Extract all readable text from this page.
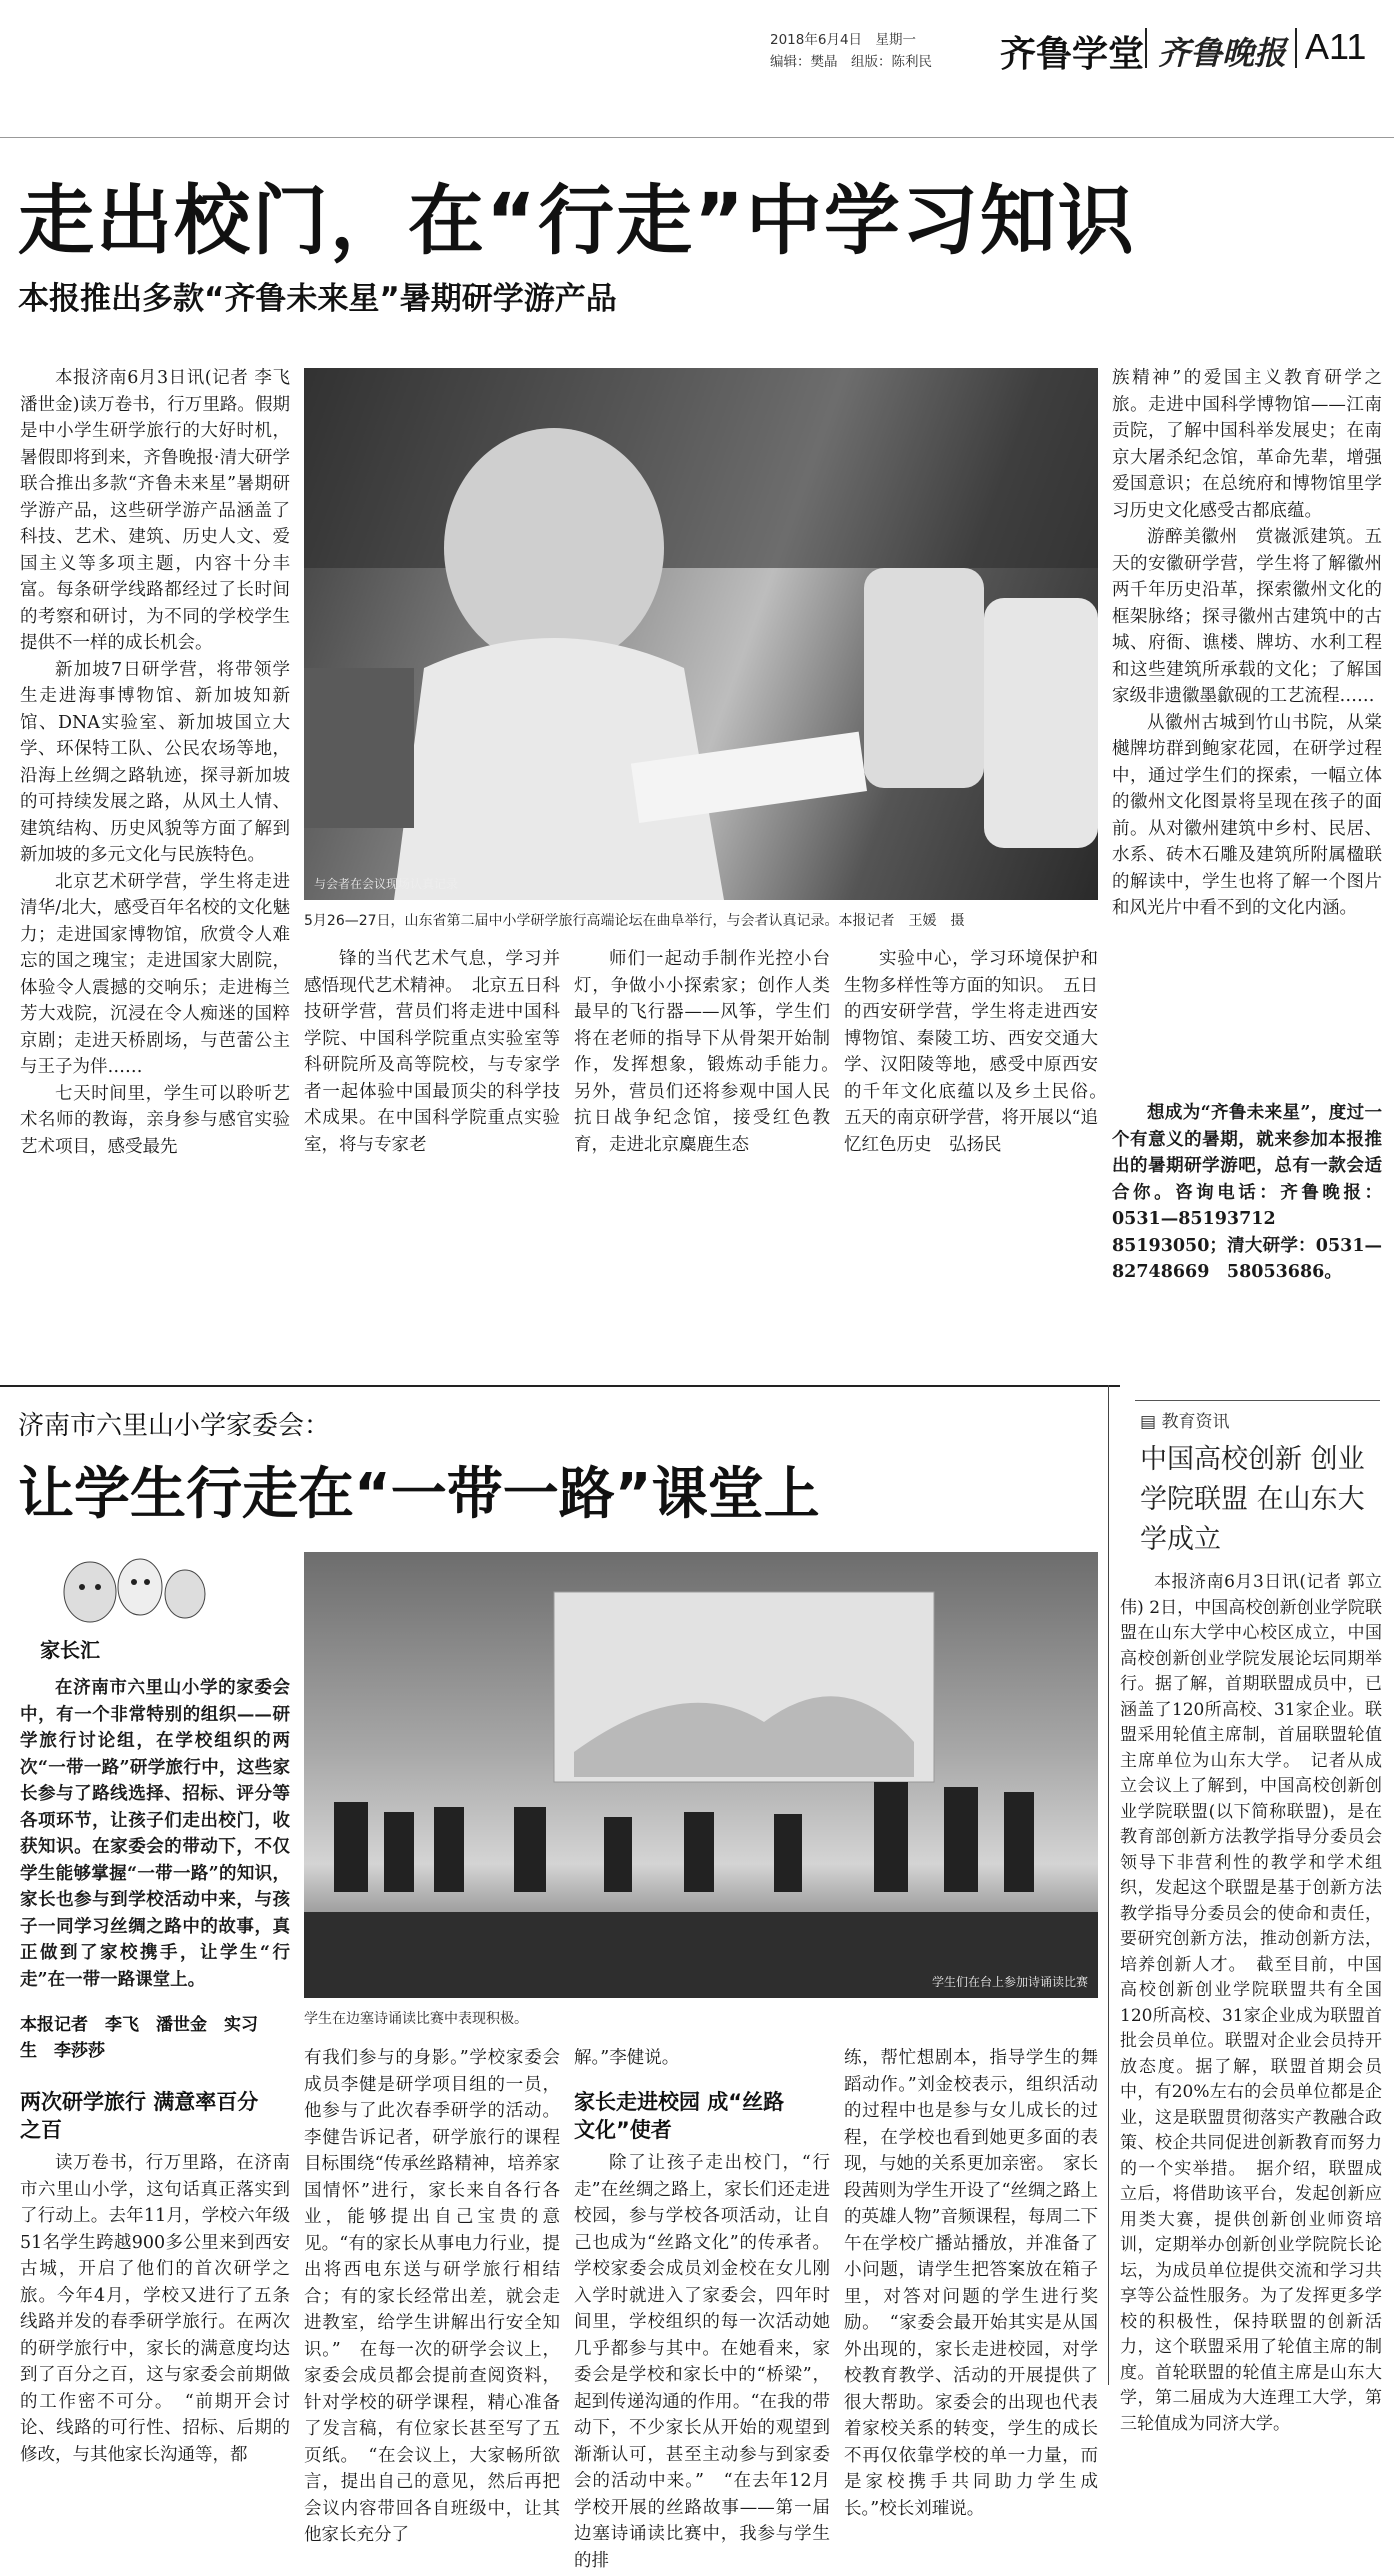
2018年6月4日　星期一
编辑：樊晶　组版：陈利民 齐鲁学堂 齐鲁晚报 A11
走出校门，在“行走”中学习知识
本报推出多款“齐鲁未来星”暑期研学游产品

本报济南6月3日讯(记者 李飞 潘世金)读万卷书，行万里路。假期是中小学生研学旅行的大好时机，暑假即将到来，齐鲁晚报·清大研学联合推出多款“齐鲁未来星”暑期研学游产品，这些研学游产品涵盖了科技、艺术、建筑、历史人文、爱国主义等多项主题，内容十分丰富。每条研学线路都经过了长时间的考察和研讨，为不同的学校学生提供不一样的成长机会。

新加坡7日研学营，将带领学生走进海事博物馆、新加坡知新馆、DNA实验室、新加坡国立大学、环保特工队、公民农场等地，沿海上丝绸之路轨迹，探寻新加坡的可持续发展之路，从风土人情、建筑结构、历史风貌等方面了解到新加坡的多元文化与民族特色。

北京艺术研学营，学生将走进清华/北大，感受百年名校的文化魅力；走进国家博物馆，欣赏令人难忘的国之瑰宝；走进国家大剧院，体验令人震撼的交响乐；走进梅兰芳大戏院，沉浸在令人痴迷的国粹京剧；走进天桥剧场，与芭蕾公主与王子为伴……

七天时间里，学生可以聆听艺术名师的教诲，亲身参与感官实验艺术项目，感受最先

与会者在会议现场认真记录
5月26—27日，山东省第二届中小学研学旅行高端论坛在曲阜举行，与会者认真记录。本报记者　王媛　摄

锋的当代艺术气息，学习并感悟现代艺术精神。　北京五日科技研学营，营员们将走进中国科学院、中国科学院重点实验室等科研院所及高等院校，与专家学者一起体验中国最顶尖的科学技术成果。在中国科学院重点实验室，将与专家老

师们一起动手制作光控小台灯，争做小小探索家；创作人类最早的飞行器——风筝，学生们将在老师的指导下从骨架开始制作，发挥想象，锻炼动手能力。　另外，营员们还将参观中国人民抗日战争纪念馆，接受红色教育，走进北京麋鹿生态

实验中心，学习环境保护和生物多样性等方面的知识。　五日的西安研学营，学生将走进西安博物馆、秦陵工坊、西安交通大学、汉阳陵等地，感受中原西安的千年文化底蕴以及乡土民俗。　五天的南京研学营，将开展以“追忆红色历史　弘扬民

族精神”的爱国主义教育研学之旅。走进中国科学博物馆——江南贡院，了解中国科举发展史；在南京大屠杀纪念馆，革命先辈，增强爱国意识；在总统府和博物馆里学习历史文化感受古都底蕴。

游醉美徽州　赏嶶派建筑。五天的安徽研学营，学生将了解徽州两千年历史沿革，探索徽州文化的框架脉络；探寻徽州古建筑中的古城、府衙、谯楼、牌坊、水利工程和这些建筑所承载的文化；了解国家级非遗徽墨歙砚的工艺流程……

从徽州古城到竹山书院，从棠樾牌坊群到鲍家花园，在研学过程中，通过学生们的探索，一幅立体的徽州文化图景将呈现在孩子的面前。从对徽州建筑中乡村、民居、水系、砖木石雕及建筑所附属楹联的解读中，学生也将了解一个图片和风光片中看不到的文化内涵。

想成为“齐鲁未来星”，度过一个有意义的暑期，就来参加本报推出的暑期研学游吧，总有一款会适合你。咨询电话：齐鲁晚报：0531—85193712　85193050；清大研学：0531—82748669　58053686。

济南市六里山小学家委会：
让学生行走在“一带一路”课堂上
家长汇

在济南市六里山小学的家委会中，有一个非常特别的组织——研学旅行讨论组，在学校组织的两次“一带一路”研学旅行中，这些家长参与了路线选择、招标、评分等各项环节，让孩子们走出校门，收获知识。在家委会的带动下，不仅学生能够掌握“一带一路”的知识，家长也参与到学校活动中来，与孩子一同学习丝绸之路中的故事，真正做到了家校携手，让学生“行走”在一带一路课堂上。

本报记者　李飞　潘世金　实习生　李莎莎
两次研学旅行 满意率百分之百

读万卷书，行万里路，在济南市六里山小学，这句话真正落实到了行动上。去年11月，学校六年级51名学生跨越900多公里来到西安古城，开启了他们的首次研学之旅。今年4月，学校又进行了五条线路并发的春季研学旅行。在两次的研学旅行中，家长的满意度均达到了百分之百，这与家委会前期做的工作密不可分。　“前期开会讨论、线路的可行性、招标、后期的修改，与其他家长沟通等，都

学生们在台上参加诗诵读比赛
学生在边塞诗诵读比赛中表现积极。

有我们参与的身影。”学校家委会成员李健是研学项目组的一员，他参与了此次春季研学的活动。李健告诉记者，研学旅行的课程目标围绕“传承丝路精神，培养家国情怀”进行，家长来自各行各业，能够提出自己宝贵的意见。“有的家长从事电力行业，提出将西电东送与研学旅行相结合；有的家长经常出差，就会走进教室，给学生讲解出行安全知识。”　在每一次的研学会议上，家委会成员都会提前查阅资料，针对学校的研学课程，精心准备了发言稿，有位家长甚至写了五页纸。　“在会议上，大家畅所欲言，提出自己的意见，然后再把会议内容带回各自班级中，让其他家长充分了

解。”李健说。

家长走进校园 成“丝路文化”使者

除了让孩子走出校门，“行走”在丝绸之路上，家长们还走进校园，参与学校各项活动，让自己也成为“丝路文化”的传承者。学校家委会成员刘金校在女儿刚入学时就进入了家委会，四年时间里，学校组织的每一次活动她几乎都参与其中。在她看来，家委会是学校和家长中的“桥梁”，起到传递沟通的作用。“在我的带动下，不少家长从开始的观望到渐渐认可，甚至主动参与到家委会的活动中来。”　“在去年12月学校开展的丝路故事——第一届边塞诗诵读比赛中，我参与学生的排

练，帮忙想剧本，指导学生的舞蹈动作。”刘金校表示，组织活动的过程中也是参与女儿成长的过程，在学校也看到她更多面的表现，与她的关系更加亲密。　家长段茜则为学生开设了“丝绸之路上的英雄人物”音频课程，每周二下午在学校广播站播放，并准备了小问题，请学生把答案放在箱子里，对答对问题的学生进行奖励。　“家委会最开始其实是从国外出现的，家长走进校园，对学校教育教学、活动的开展提供了很大帮助。家委会的出现也代表着家校关系的转变，学生的成长不再仅依靠学校的单一力量，而是家校携手共同助力学生成长。”校长刘璀说。

▤ 教育资讯
中国高校创新 创业学院联盟 在山东大学成立

本报济南6月3日讯(记者 郭立伟) 2日，中国高校创新创业学院联盟在山东大学中心校区成立，中国高校创新创业学院发展论坛同期举行。据了解，首期联盟成员中，已涵盖了120所高校、31家企业。联盟采用轮值主席制，首届联盟轮值主席单位为山东大学。　记者从成立会议上了解到，中国高校创新创业学院联盟(以下简称联盟)，是在教育部创新方法教学指导分委员会领导下非营利性的教学和学术组织，发起这个联盟是基于创新方法教学指导分委员会的使命和责任，要研究创新方法，推动创新方法，培养创新人才。　截至目前，中国高校创新创业学院联盟共有全国120所高校、31家企业成为联盟首批会员单位。联盟对企业会员持开放态度。据了解，联盟首期会员中，有20%左右的会员单位都是企业，这是联盟贯彻落实产教融合政策、校企共同促进创新教育而努力的一个实举措。　据介绍，联盟成立后，将借助该平台，发起创新应用类大赛，提供创新创业师资培训，定期举办创新创业学院院长论坛，为成员单位提供交流和学习共享等公益性服务。为了发挥更多学校的积极性，保持联盟的创新活力，这个联盟采用了轮值主席的制度。首轮联盟的轮值主席是山东大学，第二届成为大连理工大学，第三轮值成为同济大学。
